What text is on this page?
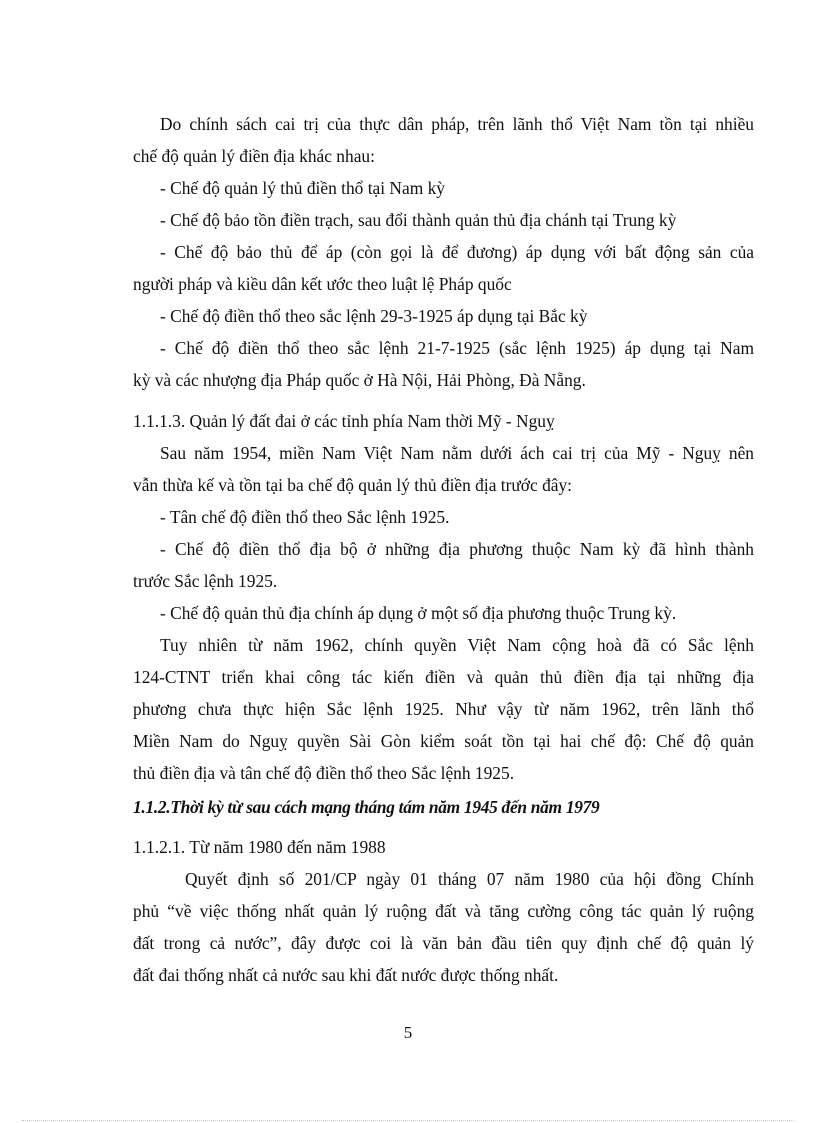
Do chính sách cai trị của thực dân pháp, trên lãnh thổ Việt Nam tồn tại nhiều
chế độ quản lý điền địa khác nhau:
- Chế độ quản lý thủ điền thổ tại Nam kỳ
- Chế độ bảo tồn điền trạch, sau đổi thành quản thủ địa chánh tại Trung kỳ
- Chế độ bảo thủ để áp (còn gọi là để đương) áp dụng với bất động sản của
người pháp và kiều dân kết ước theo luật lệ Pháp quốc
- Chế độ điền thổ theo sắc lệnh 29-3-1925 áp dụng tại Bắc kỳ
- Chế độ điền thổ theo sắc lệnh 21-7-1925 (sắc lệnh 1925) áp dụng tại Nam
kỳ và các nhượng địa Pháp quốc ở Hà Nội, Hải Phòng, Đà Nẵng.
1.1.1.3. Quản lý đất đai ở các tỉnh phía Nam thời Mỹ - Nguỵ
Sau năm 1954, miền Nam Việt Nam nằm dưới ách cai trị của Mỹ - Nguỵ nên
vẫn thừa kế và tồn tại ba chế độ quản lý thủ điền địa trước đây:
- Tân chế độ điền thổ theo Sắc lệnh 1925.
- Chế độ điền thổ địa bộ ở những địa phương thuộc Nam kỳ đã hình thành
trước Sắc lệnh 1925.
- Chế độ quản thủ địa chính áp dụng ở một số địa phương thuộc Trung kỳ.
Tuy nhiên từ năm 1962, chính quyền Việt Nam cộng hoà đã có Sắc lệnh
124-CTNT triển khai công tác kiến điền và quản thủ điền địa tại những địa
phương chưa thực hiện Sắc lệnh 1925. Như vậy từ năm 1962, trên lãnh thổ
Miền Nam do Nguỵ quyền Sài Gòn kiểm soát tồn tại hai chế độ: Chế độ quản
thủ điền địa và tân chế độ điền thổ theo Sắc lệnh 1925.
1.1.2.Thời kỳ từ sau cách mạng tháng tám năm 1945 đến năm 1979
1.1.2.1. Từ năm 1980 đến năm 1988
Quyết định số 201/CP ngày 01 tháng 07 năm 1980 của hội đồng Chính
phủ “về việc thống nhất quản lý ruộng đất và tăng cường công tác quản lý ruộng
đất trong cả nước”, đây được coi là văn bản đầu tiên quy định chế độ quản lý
đất đai thống nhất cả nước sau khi đất nước được thống nhất.
5
